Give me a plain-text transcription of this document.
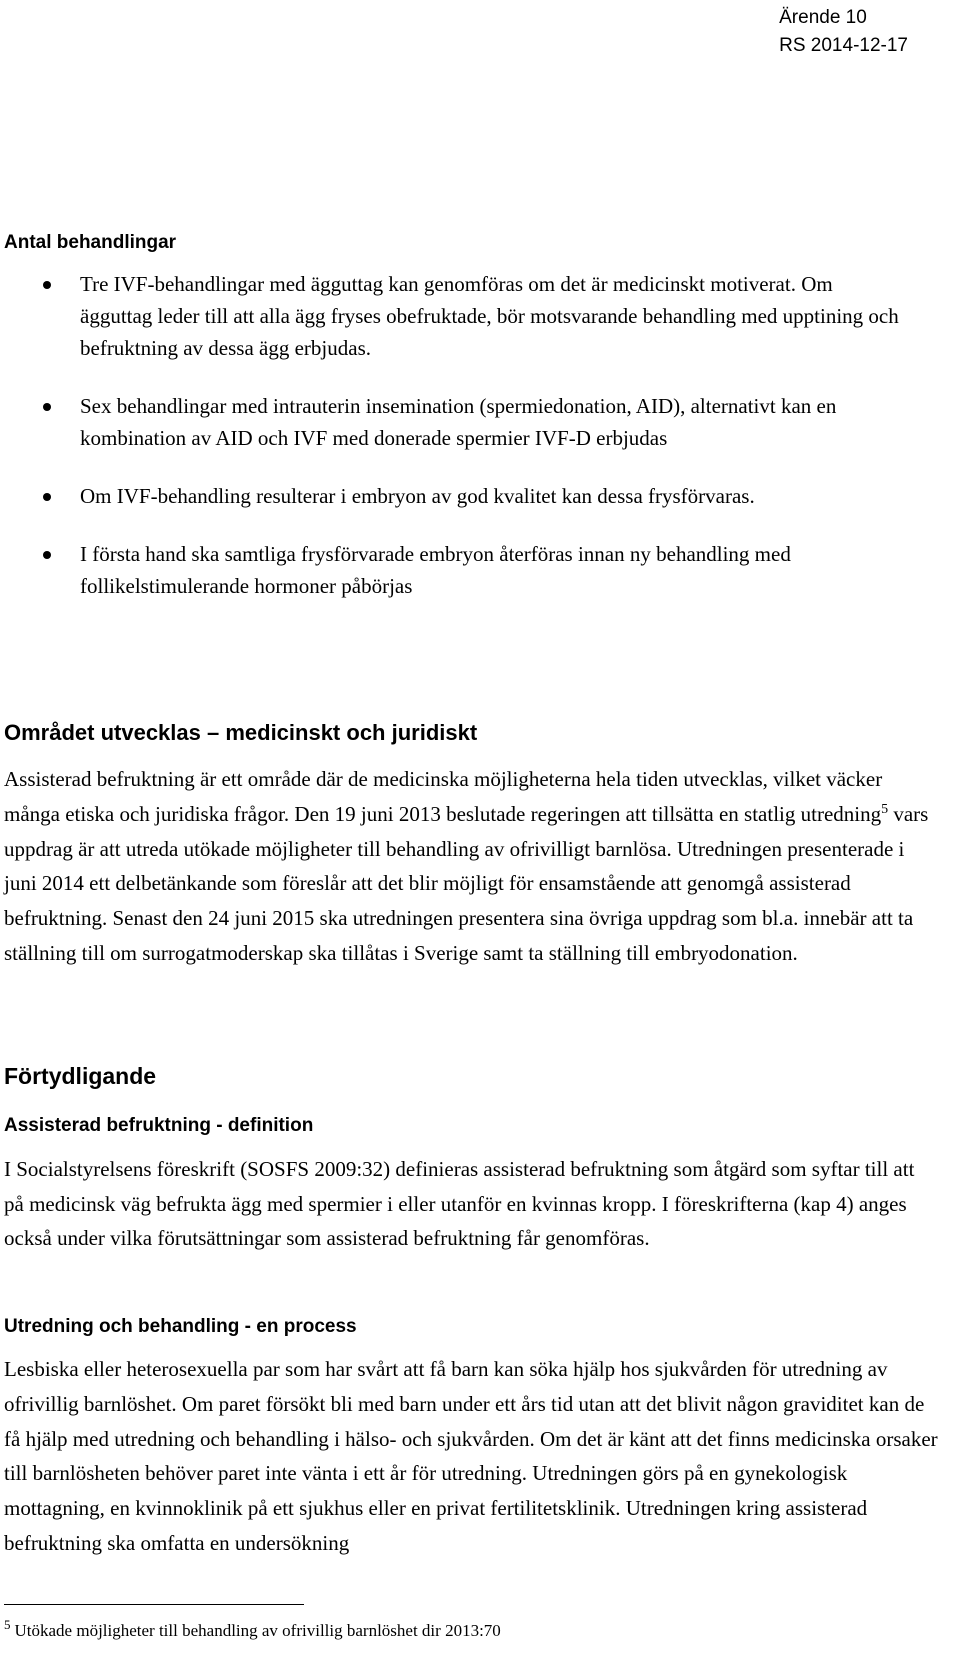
Ärende 10
RS 2014-12-17
Antal behandlingar
Tre IVF-behandlingar med ägguttag kan genomföras om det är medicinskt motiverat. Om ägguttag leder till att alla ägg fryses obefruktade, bör motsvarande behandling med upptining och befruktning av dessa ägg erbjudas.
Sex behandlingar med intrauterin insemination (spermiedonation, AID), alternativt kan en kombination av AID och IVF med donerade spermier IVF-D erbjudas
Om IVF-behandling resulterar i embryon av god kvalitet kan dessa frysförvaras.
I första hand ska samtliga frysförvarade embryon återföras innan ny behandling med follikelstimulerande hormoner påbörjas
Området utvecklas – medicinskt och juridiskt

Assisterad befruktning är ett område där de medicinska möjligheterna hela tiden utvecklas, vilket väcker många etiska och juridiska frågor. Den 19 juni 2013 beslutade regeringen att tillsätta en statlig utredning$^5$ vars uppdrag är att utreda utökade möjligheter till behandling av ofrivilligt barnlösa. Utredningen presenterade i juni 2014 ett delbetänkande som föreslår att det blir möjligt för ensamstående att genomgå assisterad befruktning. Senast den 24 juni 2015 ska utredningen presentera sina övriga uppdrag som bl.a. innebär att ta ställning till om surrogatmoderskap ska tillåtas i Sverige samt ta ställning till embryodonation.

Förtydligande
Assisterad befruktning - definition

I Socialstyrelsens föreskrift (SOSFS 2009:32) definieras assisterad befruktning som åtgärd som syftar till att på medicinsk väg befrukta ägg med spermier i eller utanför en kvinnas kropp. I föreskrifterna (kap 4) anges också under vilka förutsättningar som assisterad befruktning får genomföras.

Utredning och behandling - en process

Lesbiska eller heterosexuella par som har svårt att få barn kan söka hjälp hos sjukvården för utredning av ofrivillig barnlöshet. Om paret försökt bli med barn under ett års tid utan att det blivit någon graviditet kan de få hjälp med utredning och behandling i hälso- och sjukvården. Om det är känt att det finns medicinska orsaker till barnlösheten behöver paret inte vänta i ett år för utredning. Utredningen görs på en gynekologisk mottagning, en kvinnoklinik på ett sjukhus eller en privat fertilitetsklinik. Utredningen kring assisterad befruktning ska omfatta en undersökning

$^5$ Utökade möjligheter till behandling av ofrivillig barnlöshet dir 2013:70
